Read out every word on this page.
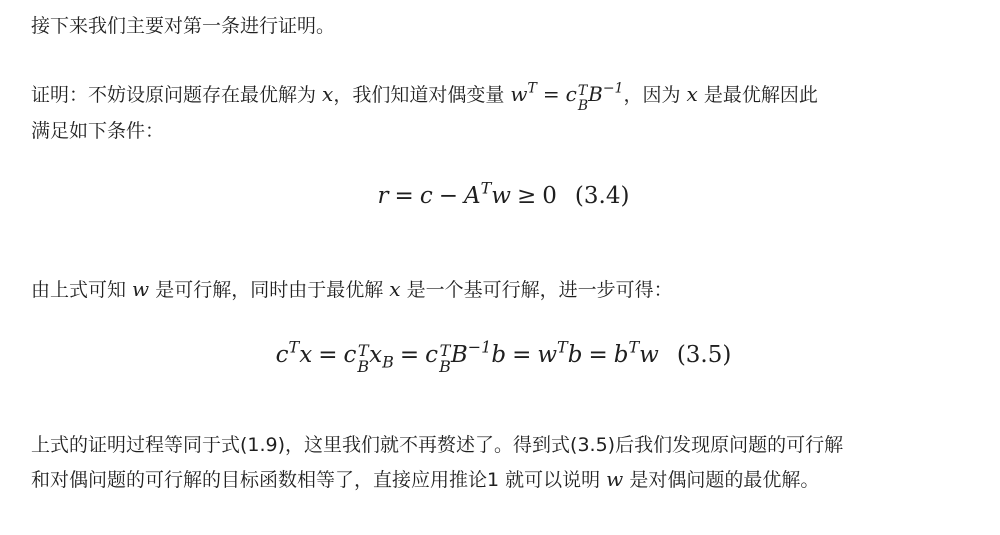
接下来我们主要对第一条进行证明。

证明：不妨设原问题存在最优解为 x，我们知道对偶变量 $w^T = c$ T
B $B^{-1}$，因为 x 是最优解因此
满足如下条件：

$r = c - A^Tw \ge 0$ (3.4)

由上式可知 w 是可行解，同时由于最优解 x 是一个基可行解，进一步可得：

$c^Tx = c$ T
B $x_B = c$ T
B $B^{-1}b = w^Tb = b^Tw$ (3.5)

上式的证明过程等同于式(1.9)，这里我们就不再赘述了。得到式(3.5)后我们发现原问题的可行解
和对偶问题的可行解的目标函数相等了，直接应用推论1 就可以说明 w 是对偶问题的最优解。
